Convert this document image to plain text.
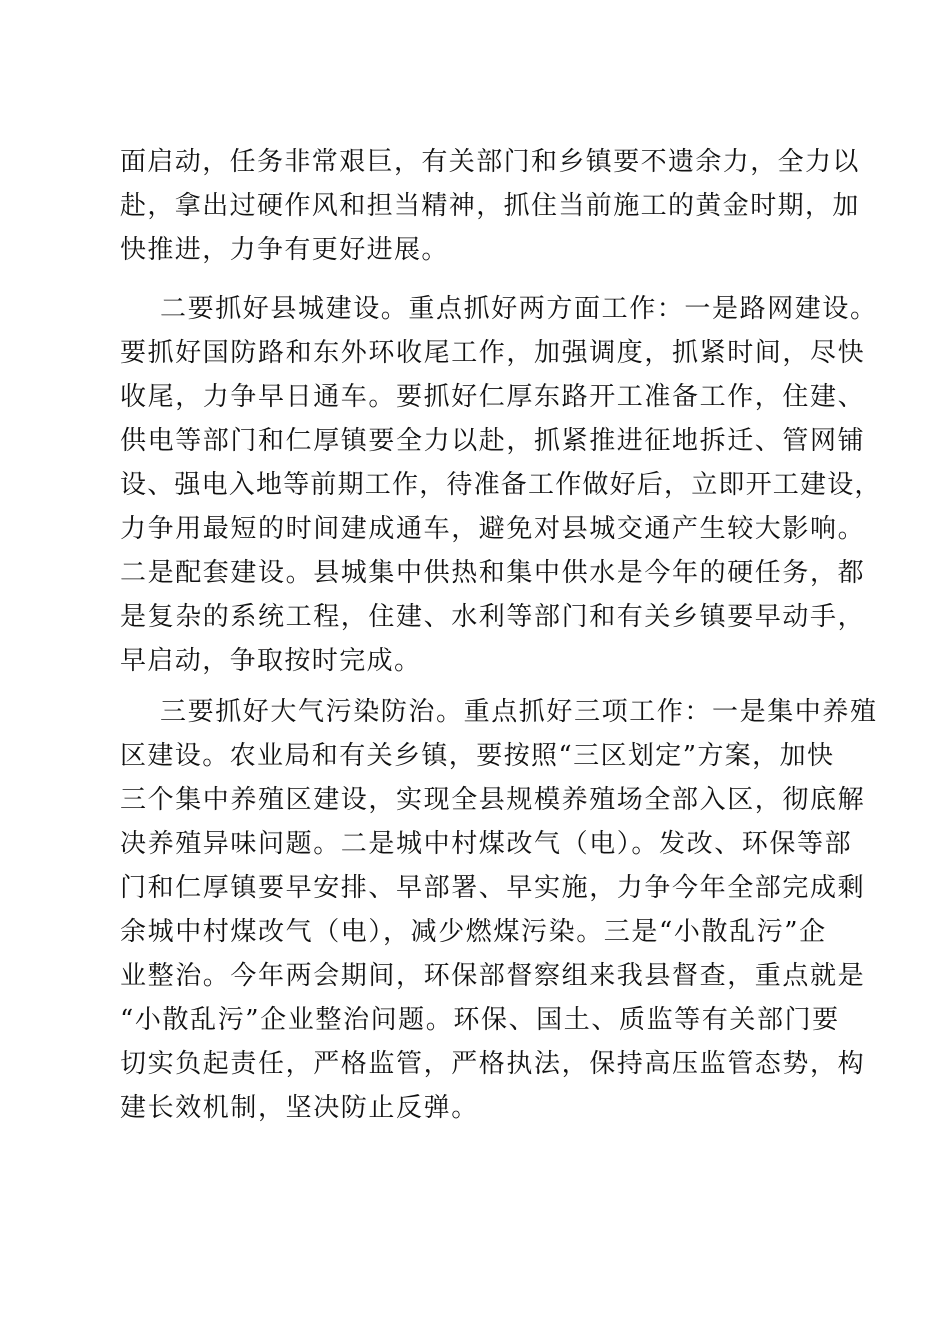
面启动，任务非常艰巨，有关部门和乡镇要不遗余力，全力以
赴，拿出过硬作风和担当精神，抓住当前施工的黄金时期，加
快推进，力争有更好进展。
二要抓好县城建设。重点抓好两方面工作：一是路网建设。
要抓好国防路和东外环收尾工作，加强调度，抓紧时间，尽快
收尾，力争早日通车。要抓好仁厚东路开工准备工作，住建、
供电等部门和仁厚镇要全力以赴，抓紧推进征地拆迁、管网铺
设、强电入地等前期工作，待准备工作做好后，立即开工建设，
力争用最短的时间建成通车，避免对县城交通产生较大影响。
二是配套建设。县城集中供热和集中供水是今年的硬任务，都
是复杂的系统工程，住建、水利等部门和有关乡镇要早动手，
早启动，争取按时完成。
三要抓好大气污染防治。重点抓好三项工作：一是集中养殖
区建设。农业局和有关乡镇，要按照“三区划定”方案，加快
三个集中养殖区建设，实现全县规模养殖场全部入区，彻底解
决养殖异味问题。二是城中村煤改气（电）。发改、环保等部
门和仁厚镇要早安排、早部署、早实施，力争今年全部完成剩
余城中村煤改气（电），减少燃煤污染。三是“小散乱污”企
业整治。今年两会期间，环保部督察组来我县督查，重点就是
“小散乱污”企业整治问题。环保、国土、质监等有关部门要
切实负起责任，严格监管，严格执法，保持高压监管态势，构
建长效机制，坚决防止反弹。
